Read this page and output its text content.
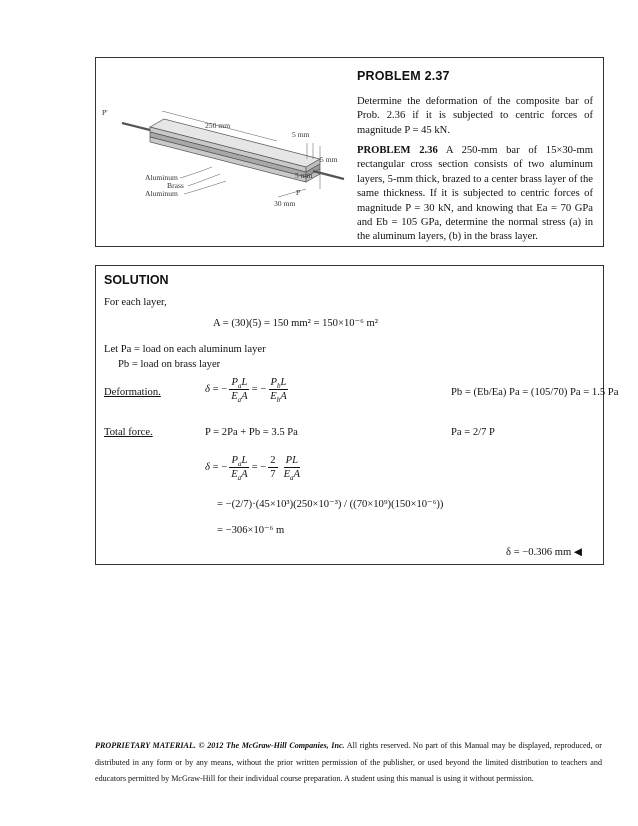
P'
250 mm
5 mm
5 mm
5 mm
P
30 mm
Aluminum
Brass
Aluminum
PROBLEM 2.37
Determine the deformation of the composite bar of Prob. 2.36 if it is subjected to centric forces of magnitude P = 45 kN.
PROBLEM 2.36 A 250-mm bar of 15×30-mm rectangular cross section consists of two aluminum layers, 5-mm thick, brazed to a center brass layer of the same thickness. If it is subjected to centric forces of magnitude P = 30 kN, and knowing that Ea = 70 GPa and Eb = 105 GPa, determine the normal stress (a) in the aluminum layers, (b) in the brass layer.
SOLUTION
For each layer,
A = (30)(5) = 150 mm² = 150×10⁻⁶ m²
Let Pa = load on each aluminum layer
Pb = load on brass layer
Deformation.	δ = − $\frac{P_aL}{E_aA}$ = − $\frac{P_bL}{E_bA}$	Pb = (Eb/Ea) Pa = (105/70) Pa = 1.5 Pa
Total force.	P = 2Pa + Pb = 3.5 Pa	Pa = 2/7 P
δ = − $\frac{P_aL}{E_aA}$ = − $\frac{2}{7} \frac{PL}{E_aA}$
= −(2/7)·(45×10³)(250×10⁻³) / ((70×10⁹)(150×10⁻⁶))
= −306×10⁻⁶ m
δ = −0.306 mm ◀
PROPRIETARY MATERIAL. © 2012 The McGraw-Hill Companies, Inc. All rights reserved. No part of this Manual may be displayed, reproduced, or distributed in any form or by any means, without the prior written permission of the publisher, or used beyond the limited distribution to teachers and educators permitted by McGraw-Hill for their individual course preparation. A student using this manual is using it without permission.
